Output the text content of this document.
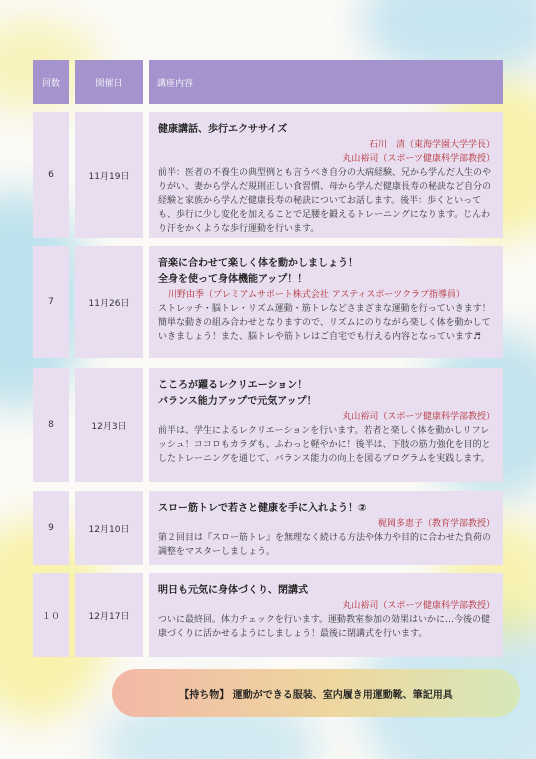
回数	開催日	講座内容
6	11月19日
健康講話、歩行エクササイズ
石川　清（東海学園大学学長）
丸山裕司（スポーツ健康科学部教授）
前半：医者の不養生の典型例とも言うべき自分の大病経験、兄から学んだ人生のやりがい、妻から学んだ規則正しい食習慣、母から学んだ健康長寿の秘訣など自分の経験と家族から学んだ健康長寿の秘訣についてお話します。後半：歩くといっても、歩行に少し変化を加えることで足腰を鍛えるトレーニングになります。じんわり汗をかくような歩行運動を行います。
7	11月26日
音楽に合わせて楽しく体を動かしましょう！
全身を使って身体機能アップ！！
川野由季（プレミアムサポート株式会社 アスティスポーツクラブ指導員）
ストレッチ・脳トレ・リズム運動・筋トレなどさまざまな運動を行っていきます！簡単な動きの組み合わせとなりますので、リズムにのりながら楽しく体を動かしていきましょう！また、脳トレや筋トレはご自宅でも行える内容となっています♬
8	12月3日
こころが躍るレクリエーション！
バランス能力アップで元気アップ！
丸山裕司（スポーツ健康科学部教授）
前半は、学生によるレクリエーションを行います。若者と楽しく体を動かしリフレッシュ！ココロもカラダも、ふわっと軽やかに！後半は、下肢の筋力強化を目的としたトレーニングを通じて、バランス能力の向上を図るプログラムを実践します。
9	12月10日
スロー筋トレで若さと健康を手に入れよう！②
梶岡多恵子（教育学部教授）
第２回目は『スロー筋トレ』を無理なく続ける方法や体力や目的に合わせた負荷の調整をマスターしましょう。
１０	12月17日
明日も元気に身体づくり、閉講式
丸山裕司（スポーツ健康科学部教授）
ついに最終回。体力チェックを行います。運動教室参加の効果はいかに…今後の健康づくりに活かせるようにしましょう！最後に閉講式を行います。
【持ち物】 運動ができる服装、室内履き用運動靴、筆記用具
